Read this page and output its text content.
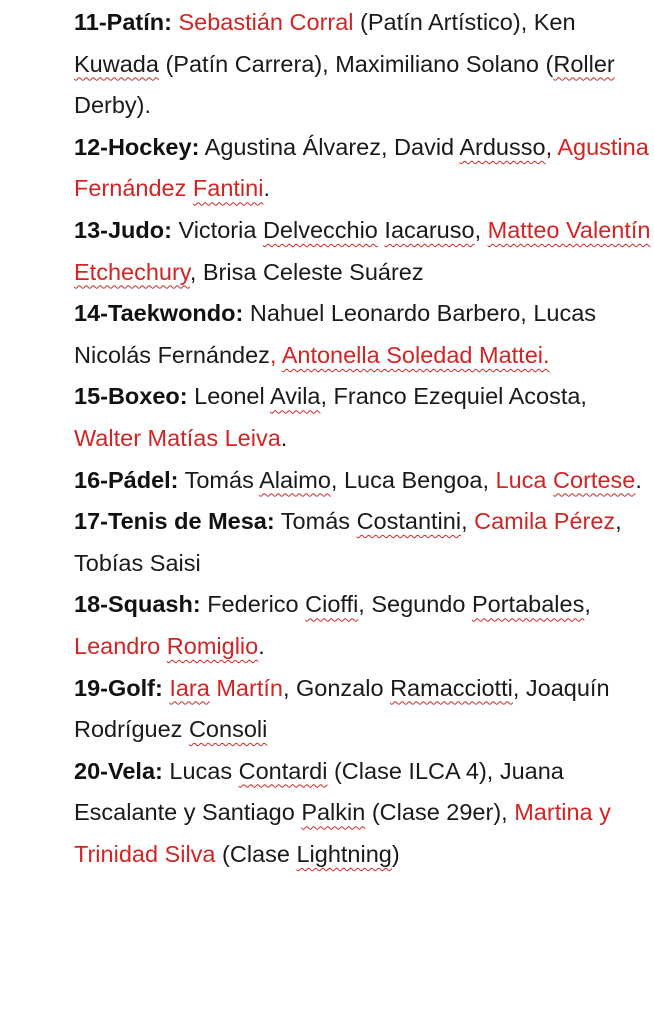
11-Patín: Sebastián Corral (Patín Artístico), Ken Kuwada (Patín Carrera), Maximiliano Solano (Roller Derby).

12-Hockey: Agustina Álvarez, David Ardusso, Agustina Fernández Fantini.

13-Judo: Victoria Delvecchio Iacaruso, Matteo Valentín Etchechury, Brisa Celeste Suárez

14-Taekwondo: Nahuel Leonardo Barbero, Lucas Nicolás Fernández, Antonella Soledad Mattei.

15-Boxeo: Leonel Avila, Franco Ezequiel Acosta, Walter Matías Leiva.

16-Pádel: Tomás Alaimo, Luca Bengoa, Luca Cortese.

17-Tenis de Mesa: Tomás Costantini, Camila Pérez, Tobías Saisi

18-Squash: Federico Cioffi, Segundo Portabales, Leandro Romiglio.

19-Golf: Iara Martín, Gonzalo Ramacciotti, Joaquín Rodríguez Consoli

20-Vela: Lucas Contardi (Clase ILCA 4), Juana Escalante y Santiago Palkin (Clase 29er), Martina y Trinidad Silva (Clase Lightning)
